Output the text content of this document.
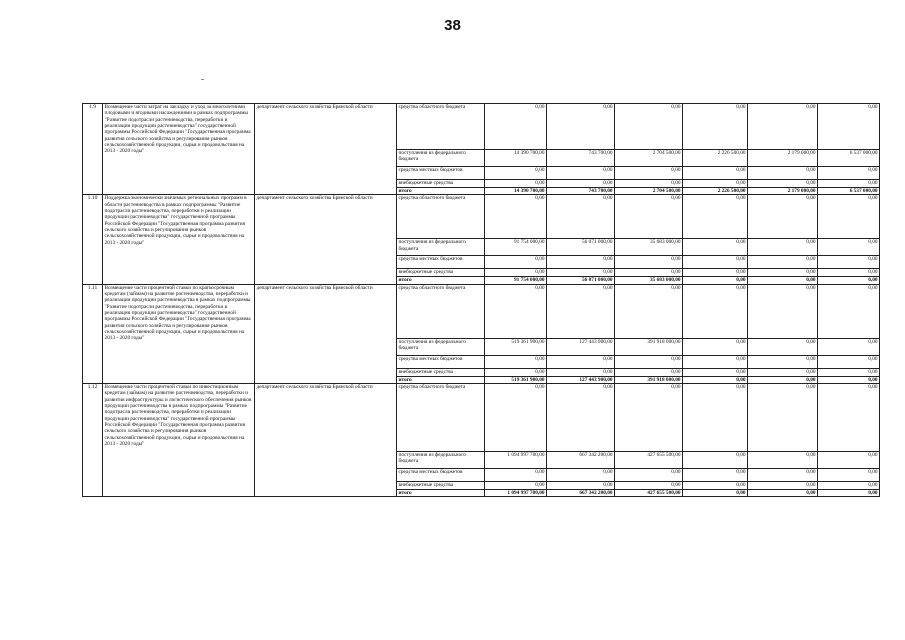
38
1.9	Возмещение части затрат на закладку и уход за многолетними плодовыми и ягодными насаждениями в рамках подпрограммы "Развитие подотрасли растениеводства, переработки и реализации продукции растениеводства" государственной программы Российской Федерации "Государственная программа развития сельского хозяйства и регулирования рынков сельскохозяйственной продукции, сырья и продовольствия на 2013 - 2020 годы"	департамент сельского хозяйства Брянской области	средства областного бюджета	0,00	0,00	0,00	0,00	0,00	0,00
			поступления из федерального бюджета	14 390 700,00	743 700,00	2 704 500,00	2 226 500,00	2 179 000,00	6 537 000,00
			средства местных бюджетов	0,00	0,00	0,00	0,00	0,00	0,00
			внебюджетные средства	0,00	0,00	0,00	0,00	0,00	0,00
			итого	14 390 700,00	743 700,00	2 704 500,00	2 226 500,00	2 179 000,00	6 537 000,00
1.10	Поддержка экономически значимых региональных программ в области растениеводства в рамках подпрограммы "Развитие подотрасли растениеводства, переработки и реализации продукции растениеводства" государственной программы Российской Федерации "Государственная программа развития сельского хозяйства и регулирования рынков сельскохозяйственной продукции, сырья и продовольствия на 2013 - 2020 годы"	департамент сельского хозяйства Брянской области	средства областного бюджета	0,00	0,00	0,00	0,00	0,00	0,00
			поступления из федерального бюджета	91 754 000,00	56 071 000,00	35 683 000,00	0,00	0,00	0,00
			средства местных бюджетов	0,00	0,00	0,00	0,00	0,00	0,00
			внебюджетные средства	0,00	0,00	0,00	0,00	0,00	0,00
			итого	91 754 000,00	56 071 000,00	35 683 000,00	0,00	0,00	0,00
1.11	Возмещение части процентной ставки по краткосрочным кредитам (займам) на развитие растениеводства, переработки и реализации продукции растениеводства в рамках подпрограммы "Развитие подотрасли растениеводства, переработки и реализации продукции растениеводства" государственной программы Российской Федерации "Государственная программа развития сельского хозяйства и регулирования рынков сельскохозяйственной продукции, сырья и продовольствия на 2013 - 2020 годы"	департамент сельского хозяйства Брянской области	средства областного бюджета	0,00	0,00	0,00	0,00	0,00	0,00
			поступления из федерального бюджета	519 361 900,00	127 443 900,00	391 918 000,00	0,00	0,00	0,00
			средства местных бюджетов	0,00	0,00	0,00	0,00	0,00	0,00
			внебюджетные средства	0,00	0,00	0,00	0,00	0,00	0,00
			итого	519 361 900,00	127 443 900,00	391 918 000,00	0,00	0,00	0,00
1.12	Возмещение части процентной ставки по инвестиционным кредитам (займам) на развитие растениеводства, переработки и развития инфраструктуры и логистического обеспечения рынков продукции растениеводства в рамках подпрограммы "Развитие подотрасли растениеводства, переработки и реализации продукции растениеводства" государственной программы Российской Федерации "Государственная программа развития сельского хозяйства и регулирования рынков сельскохозяйственной продукции, сырья и продовольствия на 2013 - 2020 годы"	департамент сельского хозяйства Брянской области	средства областного бюджета	0,00	0,00	0,00	0,00	0,00	0,00
			поступления из федерального бюджета	1 094 997 700,00	667 342 200,00	427 655 500,00	0,00	0,00	0,00
			средства местных бюджетов	0,00	0,00	0,00	0,00	0,00	0,00
			внебюджетные средства	0,00	0,00	0,00	0,00	0,00	0,00
			итого	1 094 997 700,00	667 342 200,00	427 655 500,00	0,00	0,00	0,00
